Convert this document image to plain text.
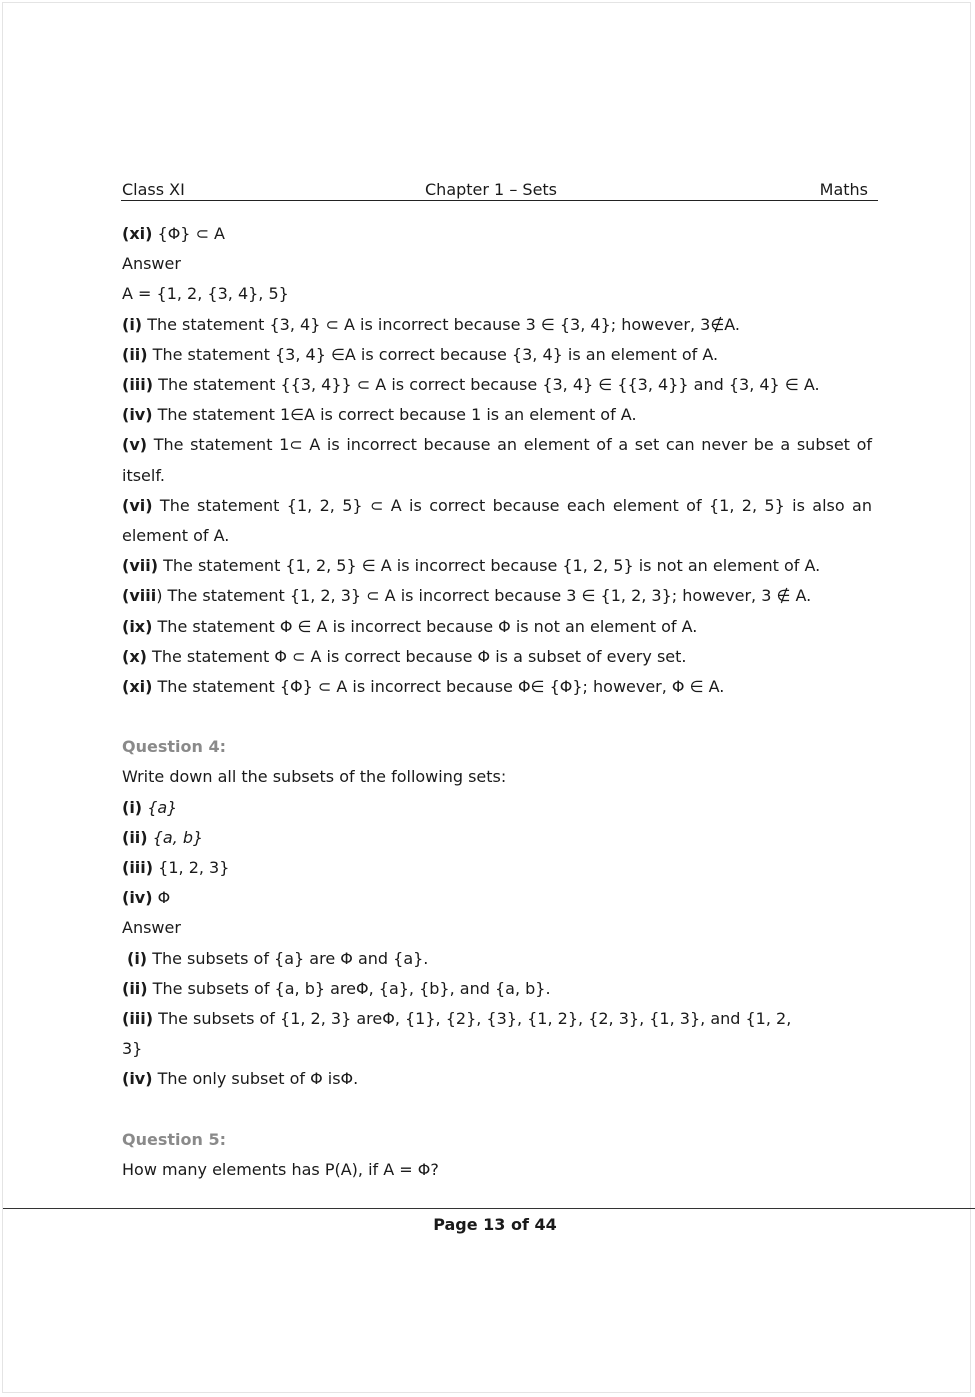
Class XI	Chapter 1 – Sets	Maths

(xi) {Φ} ⊂ A

Answer

A = {1, 2, {3, 4}, 5}

(i) The statement {3, 4} ⊂ A is incorrect because 3 ∈ {3, 4}; however, 3∉A.

(ii) The statement {3, 4} ∈A is correct because {3, 4} is an element of A.

(iii) The statement {{3, 4}} ⊂ A is correct because {3, 4} ∈ {{3, 4}} and {3, 4} ∈ A.

(iv) The statement 1∈A is correct because 1 is an element of A.

(v) The statement 1⊂ A is incorrect because an element of a set can never be a subset of itself.

(vi) The statement {1, 2, 5} ⊂ A is correct because each element of {1, 2, 5} is also an element of A.

(vii) The statement {1, 2, 5} ∈ A is incorrect because {1, 2, 5} is not an element of A.

(viii) The statement {1, 2, 3} ⊂ A is incorrect because 3 ∈ {1, 2, 3}; however, 3 ∉ A.

(ix) The statement Φ ∈ A is incorrect because Φ is not an element of A.

(x) The statement Φ ⊂ A is correct because Φ is a subset of every set.

(xi) The statement {Φ} ⊂ A is incorrect because Φ∈ {Φ}; however, Φ ∈ A.

Question 4:

Write down all the subsets of the following sets:

(i) {a}

(ii) {a, b}

(iii) {1, 2, 3}

(iv) Φ

Answer

(i) The subsets of {a} are Φ and {a}.

(ii) The subsets of {a, b} areΦ, {a}, {b}, and {a, b}.

(iii) The subsets of {1, 2, 3} areΦ, {1}, {2}, {3}, {1, 2}, {2, 3}, {1, 3}, and {1, 2, 3}

(iv) The only subset of Φ isΦ.

Question 5:

How many elements has P(A), if A = Φ?

Page 13 of 44
